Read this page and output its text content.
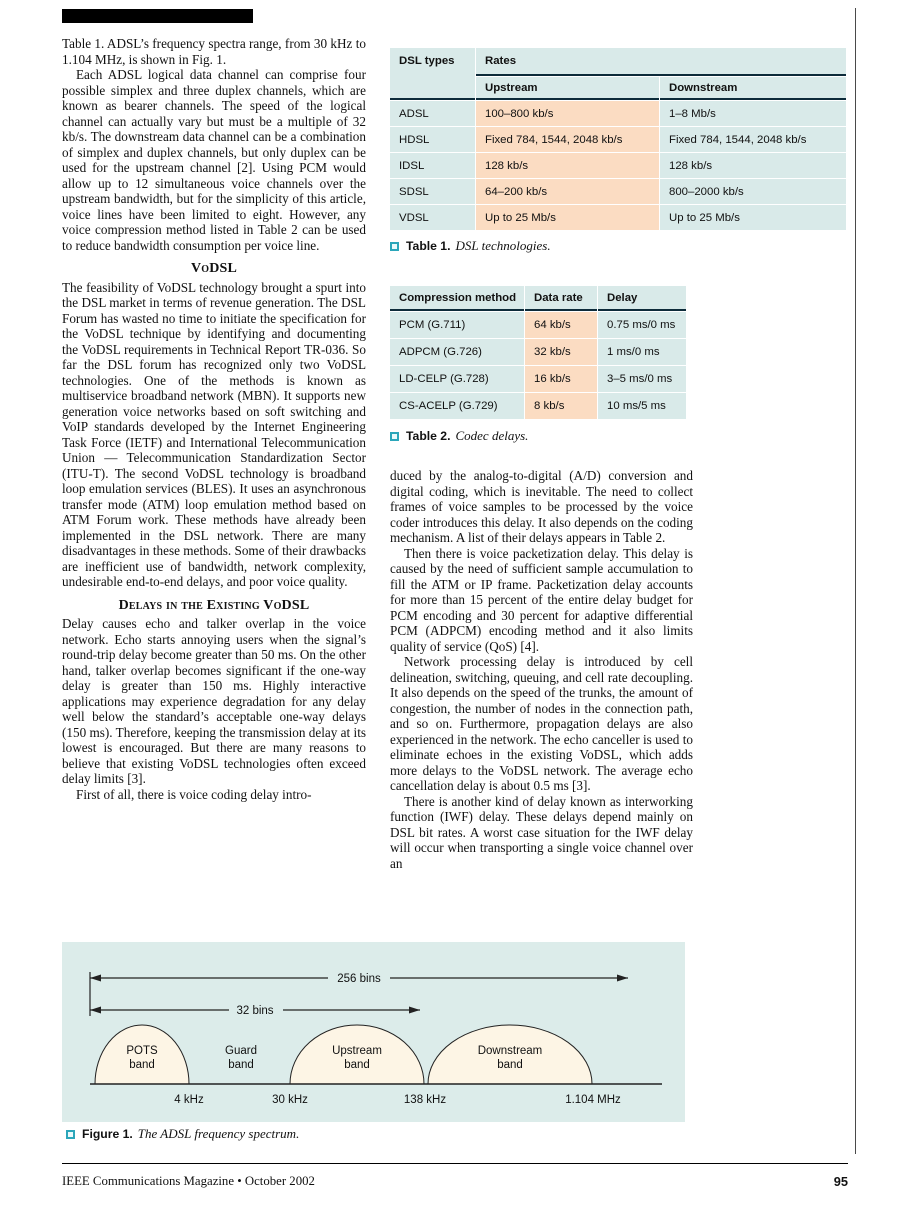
Table 1. ADSL’s frequency spectra range, from 30 kHz to 1.104 MHz, is shown in Fig. 1.

Each ADSL logical data channel can comprise four possible simplex and three duplex channels, which are known as bearer channels. The speed of the logical channel can actually vary but must be a multiple of 32 kb/s. The downstream data channel can be a combination of simplex and duplex channels, but only duplex can be used for the upstream channel [2]. Using PCM would allow up to 12 simultaneous voice channels over the upstream bandwidth, but for the simplicity of this article, voice lines have been limited to eight. However, any voice compression method listed in Table 2 can be used to reduce bandwidth consumption per voice line.

VoDSL

The feasibility of VoDSL technology brought a spurt into the DSL market in terms of revenue generation. The DSL Forum has wasted no time to initiate the specification for the VoDSL technique by identifying and documenting the VoDSL requirements in Technical Report TR-036. So far the DSL forum has recognized only two VoDSL technologies. One of the methods is known as multiservice broadband network (MBN). It supports new generation voice networks based on soft switching and VoIP standards developed by the Internet Engineering Task Force (IETF) and International Telecommunication Union — Telecommunication Standardization Sector (ITU-T). The second VoDSL technology is broadband loop emulation services (BLES). It uses an asynchronous transfer mode (ATM) loop emulation method based on ATM Forum work. These methods have already been implemented in the DSL network. There are many disadvantages in these methods. Some of their drawbacks are inefficient use of bandwidth, network complexity, undesirable end-to-end delays, and poor voice quality.

Delays in the Existing VoDSL

Delay causes echo and talker overlap in the voice network. Echo starts annoying users when the signal’s round-trip delay become greater than 50 ms. On the other hand, talker overlap becomes significant if the one-way delay is greater than 150 ms. Highly interactive applications may experience degradation for any delay well below the standard’s acceptable one-way delays (150 ms). Therefore, keeping the transmission delay at its lowest is encouraged. But there are many reasons to believe that existing VoDSL technologies often exceed delay limits [3].

First of all, there is voice coding delay intro-

DSL types	Rates
Upstream	Downstream
ADSL	100–800 kb/s	1–8 Mb/s
HDSL	Fixed 784, 1544, 2048 kb/s	Fixed 784, 1544, 2048 kb/s
IDSL	128 kb/s	128 kb/s
SDSL	64–200 kb/s	800–2000 kb/s
VDSL	Up to 25 Mb/s	Up to 25 Mb/s
Table 1. DSL technologies.
Compression method	Data rate	Delay
PCM (G.711)	64 kb/s	0.75 ms/0 ms
ADPCM (G.726)	32 kb/s	1 ms/0 ms
LD-CELP (G.728)	16 kb/s	3–5 ms/0 ms
CS-ACELP (G.729)	8 kb/s	10 ms/5 ms
Table 2. Codec delays.

duced by the analog-to-digital (A/D) conversion and digital coding, which is inevitable. The need to collect frames of voice samples to be processed by the voice coder introduces this delay. It also depends on the coding mechanism. A list of their delays appears in Table 2.

Then there is voice packetization delay. This delay is caused by the need of sufficient sample accumulation to fill the ATM or IP frame. Packetization delay accounts for more than 15 percent of the entire delay budget for PCM encoding and 30 percent for adaptive differential PCM (ADPCM) encoding method and it also limits quality of service (QoS) [4].

Network processing delay is introduced by cell delineation, switching, queuing, and cell rate decoupling. It also depends on the speed of the trunks, the amount of congestion, the number of nodes in the connection path, and so on. Furthermore, propagation delays are also experienced in the network. The echo canceller is used to eliminate echoes in the existing VoDSL, which adds more delays to the VoDSL network. The average echo cancellation delay is about 0.5 ms [3].

There is another kind of delay known as interworking function (IWF) delay. These delays depend mainly on DSL bit rates. A worst case situation for the IWF delay will occur when transporting a single voice channel over an

256 bins
32 bins
POTS
band
Guard
band
Upstream
band
Downstream
band
4 kHz	30 kHz	138 kHz	1.104 MHz
Figure 1. The ADSL frequency spectrum.
IEEE Communications Magazine • October 2002	95
